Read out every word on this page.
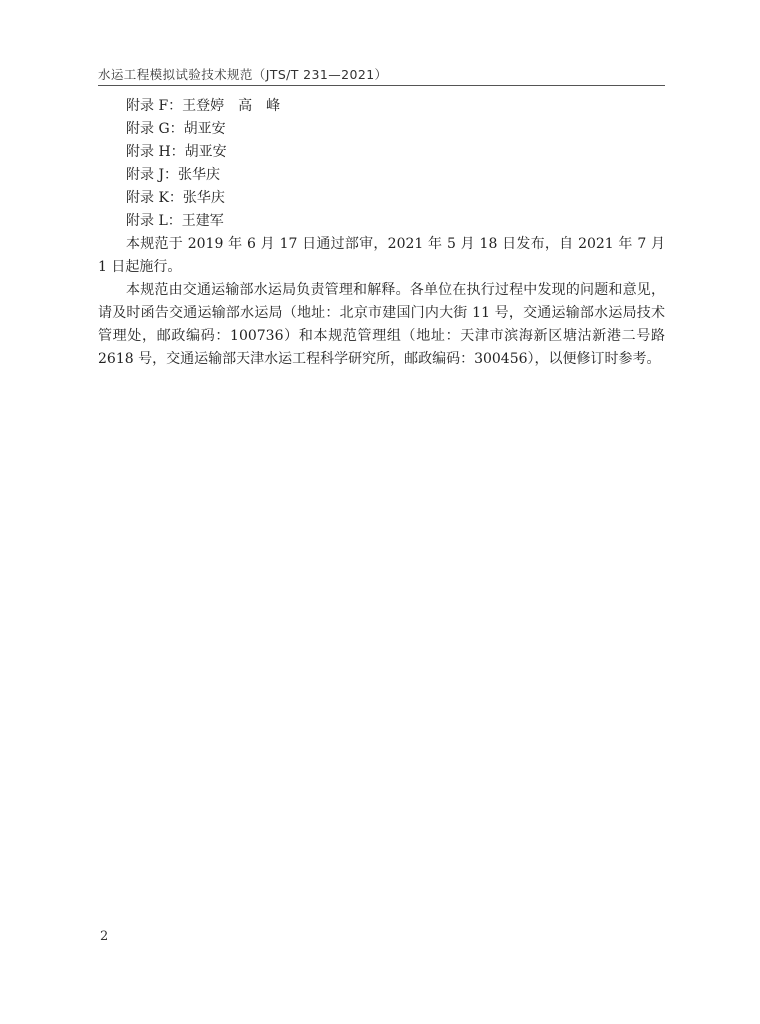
水运工程模拟试验技术规范（JTS/T 231—2021）
附录 F：王登婷　高　峰
附录 G：胡亚安
附录 H：胡亚安
附录 J：张华庆
附录 K：张华庆
附录 L：王建军

本规范于 2019 年 6 月 17 日通过部审，2021 年 5 月 18 日发布，自 2021 年 7 月 1 日起施行。

本规范由交通运输部水运局负责管理和解释。各单位在执行过程中发现的问题和意见，请及时函告交通运输部水运局（地址：北京市建国门内大街 11 号，交通运输部水运局技术管理处，邮政编码：100736）和本规范管理组（地址：天津市滨海新区塘沽新港二号路 2618 号，交通运输部天津水运工程科学研究所，邮政编码：300456），以便修订时参考。

2
